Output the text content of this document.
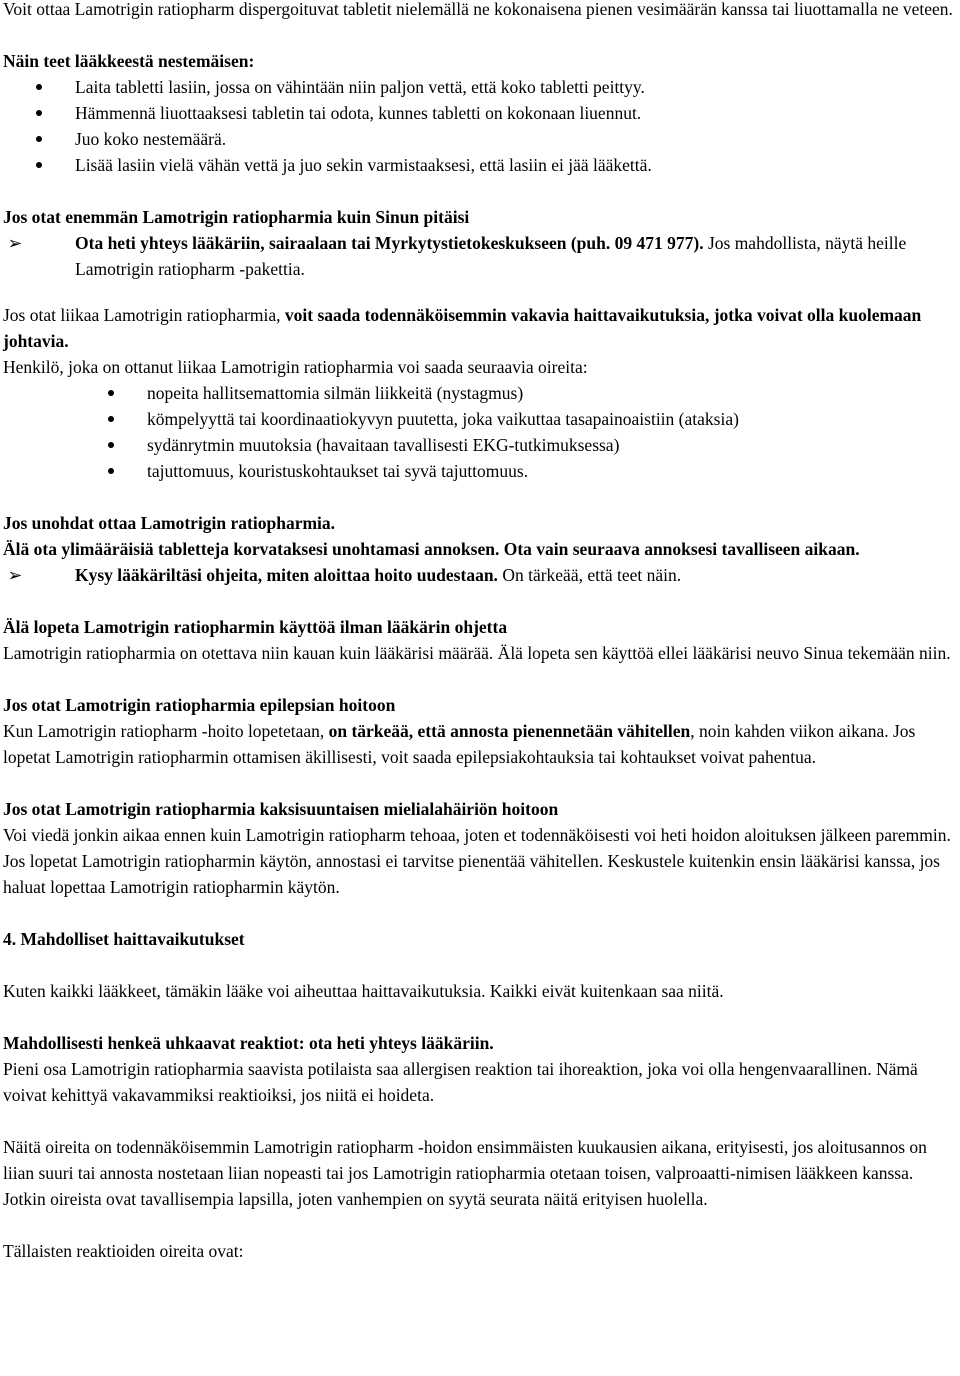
Voit ottaa Lamotrigin ratiopharm dispergoituvat tabletit nielemällä ne kokonaisena pienen vesimäärän kanssa tai liuottamalla ne veteen.

Näin teet lääkkeestä nestemäisen:

Laita tabletti lasiin, jossa on vähintään niin paljon vettä, että koko tabletti peittyy.
Hämmennä liuottaaksesi tabletin tai odota, kunnes tabletti on kokonaan liuennut.
Juo koko nestemäärä.
Lisää lasiin vielä vähän vettä ja juo sekin varmistaaksesi, että lasiin ei jää lääkettä.

Jos otat enemmän Lamotrigin ratiopharmia kuin Sinun pitäisi

➢	Ota heti yhteys lääkäriin, sairaalaan tai Myrkytystietokeskukseen (puh. 09 471 977). Jos mahdollista, näytä heille Lamotrigin ratiopharm -pakettia.

Jos otat liikaa Lamotrigin ratiopharmia, voit saada todennäköisemmin vakavia haittavaikutuksia, jotka voivat olla kuolemaan johtavia.

Henkilö, joka on ottanut liikaa Lamotrigin ratiopharmia voi saada seuraavia oireita:

nopeita hallitsemattomia silmän liikkeitä (nystagmus)
kömpelyyttä tai koordinaatiokyvyn puutetta, joka vaikuttaa tasapainoaistiin (ataksia)
sydänrytmin muutoksia (havaitaan tavallisesti EKG-tutkimuksessa)
tajuttomuus, kouristuskohtaukset tai syvä tajuttomuus.

Jos unohdat ottaa Lamotrigin ratiopharmia.

Älä ota ylimääräisiä tabletteja korvataksesi unohtamasi annoksen. Ota vain seuraava annoksesi tavalliseen aikaan.

➢	Kysy lääkäriltäsi ohjeita, miten aloittaa hoito uudestaan. On tärkeää, että teet näin.

Älä lopeta Lamotrigin ratiopharmin käyttöä ilman lääkärin ohjetta

Lamotrigin ratiopharmia on otettava niin kauan kuin lääkärisi määrää. Älä lopeta sen käyttöä ellei lääkärisi neuvo Sinua tekemään niin.

Jos otat Lamotrigin ratiopharmia epilepsian hoitoon

Kun Lamotrigin ratiopharm -hoito lopetetaan, on tärkeää, että annosta pienennetään vähitellen, noin kahden viikon aikana. Jos lopetat Lamotrigin ratiopharmin ottamisen äkillisesti, voit saada epilepsiakohtauksia tai kohtaukset voivat pahentua.

Jos otat Lamotrigin ratiopharmia kaksisuuntaisen mielialahäiriön hoitoon

Voi viedä jonkin aikaa ennen kuin Lamotrigin ratiopharm tehoaa, joten et todennäköisesti voi heti hoidon aloituksen jälkeen paremmin. Jos lopetat Lamotrigin ratiopharmin käytön, annostasi ei tarvitse pienentää vähitellen. Keskustele kuitenkin ensin lääkärisi kanssa, jos haluat lopettaa Lamotrigin ratiopharmin käytön.

4. Mahdolliset haittavaikutukset

Kuten kaikki lääkkeet, tämäkin lääke voi aiheuttaa haittavaikutuksia. Kaikki eivät kuitenkaan saa niitä.

Mahdollisesti henkeä uhkaavat reaktiot: ota heti yhteys lääkäriin.

Pieni osa Lamotrigin ratiopharmia saavista potilaista saa allergisen reaktion tai ihoreaktion, joka voi olla hengenvaarallinen. Nämä voivat kehittyä vakavammiksi reaktioiksi, jos niitä ei hoideta.

Näitä oireita on todennäköisemmin Lamotrigin ratiopharm -hoidon ensimmäisten kuukausien aikana, erityisesti, jos aloitusannos on liian suuri tai annosta nostetaan liian nopeasti tai jos Lamotrigin ratiopharmia otetaan toisen, valproaatti-nimisen lääkkeen kanssa. Jotkin oireista ovat tavallisempia lapsilla, joten vanhempien on syytä seurata näitä erityisen huolella.

Tällaisten reaktioiden oireita ovat:
